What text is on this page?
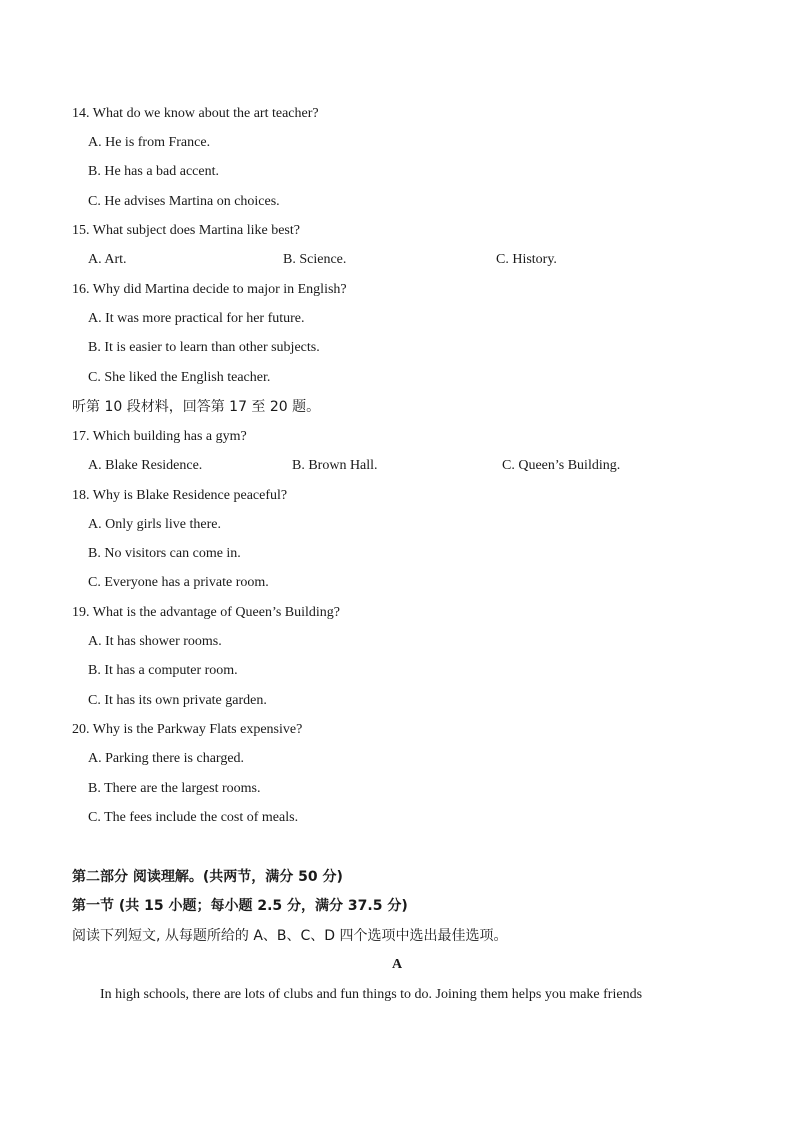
14. What do we know about the art teacher?
A. He is from France.
B. He has a bad accent.
C. He advises Martina on choices.
15. What subject does Martina like best?
A. Art.	B. Science.	C. History.
16. Why did Martina decide to major in English?
A. It was more practical for her future.
B. It is easier to learn than other subjects.
C. She liked the English teacher.
听第 10 段材料，回答第 17 至 20 题。
17. Which building has a gym?
A. Blake Residence.	B. Brown Hall.	C. Queen’s Building.
18. Why is Blake Residence peaceful?
A. Only girls live there.
B. No visitors can come in.
C. Everyone has a private room.
19. What is the advantage of Queen’s Building?
A. It has shower rooms.
B. It has a computer room.
C. It has its own private garden.
20. Why is the Parkway Flats expensive?
A. Parking there is charged.
B. There are the largest rooms.
C. The fees include the cost of meals.
第二部分 阅读理解。(共两节，满分 50 分)
第一节 (共 15 小题；每小题 2.5 分，满分 37.5 分)
阅读下列短文, 从每题所给的 A、B、C、D 四个选项中选出最佳选项。
A
In high schools, there are lots of clubs and fun things to do. Joining them helps you make friends
